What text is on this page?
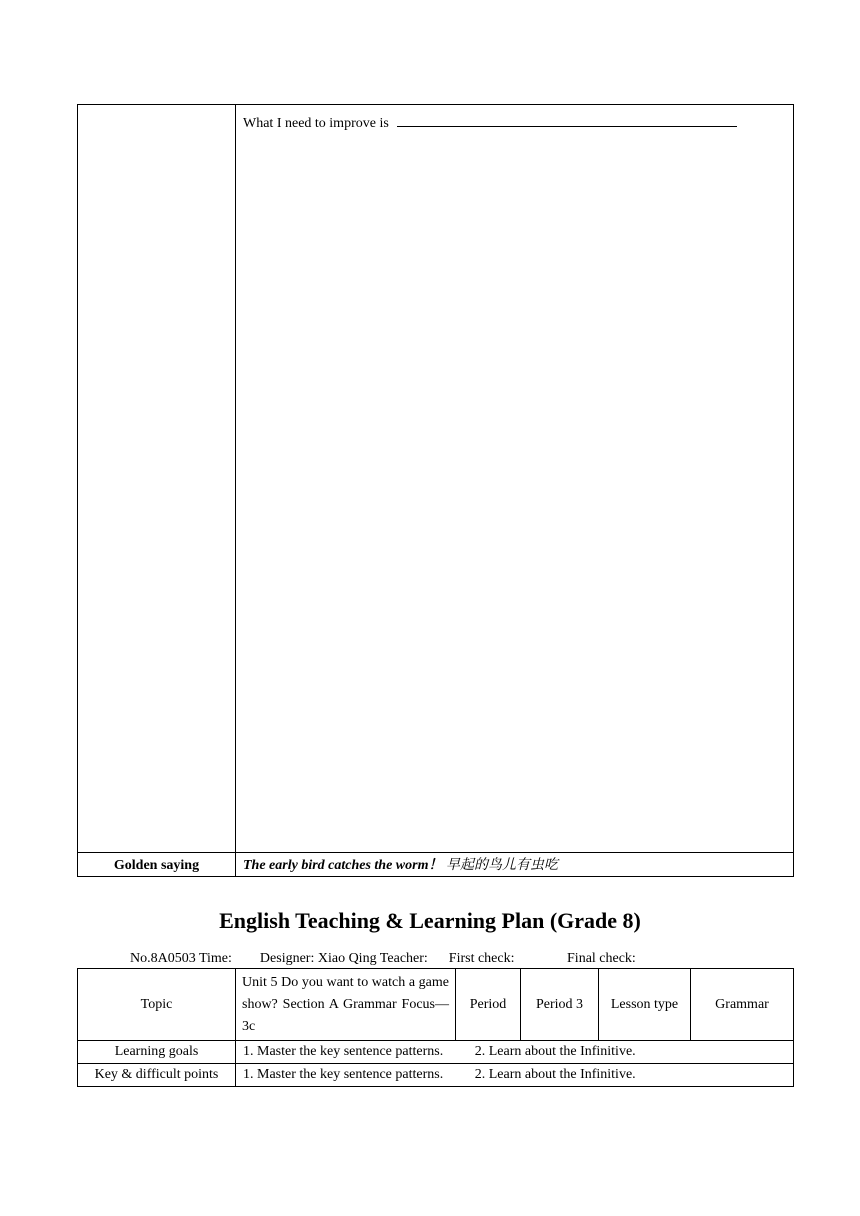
	What I need to improve is
Golden saying	The early bird catches the worm！ 早起的鸟儿有虫吃
English Teaching & Learning Plan (Grade 8)
No.8A0503 Time: Designer: Xiao Qing Teacher: First check:	Final check:
Topic	Unit 5 Do you want to watch a game show? Section A Grammar Focus—3c	Period	Period 3	Lesson type	Grammar
Learning goals	1. Master the key sentence patterns. 2. Learn about the Infinitive.				
Key & difficult points	1. Master the key sentence patterns. 2. Learn about the Infinitive.				
